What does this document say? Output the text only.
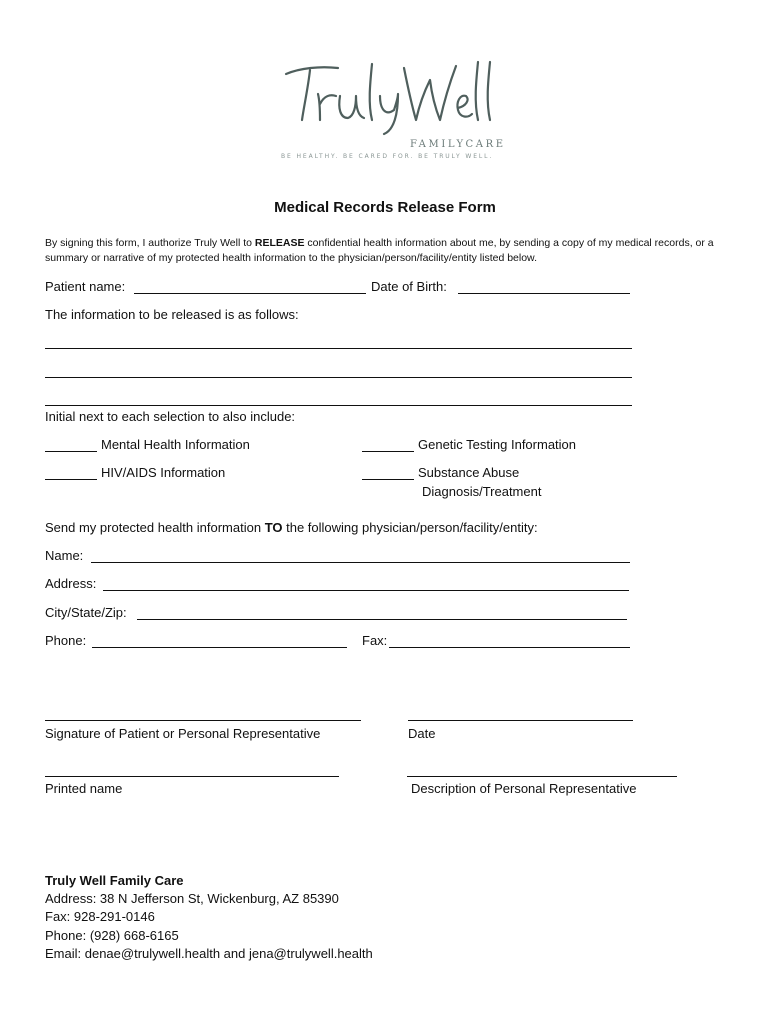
FAMILYCARE
BE HEALTHY. BE CARED FOR. BE TRULY WELL.
Medical Records Release Form
By signing this form, I authorize Truly Well to RELEASE confidential health information about me, by sending a copy of my medical records, or a summary or narrative of my protected health information to the physician/person/facility/entity listed below.
Patient name:	Date of Birth:
The information to be released is as follows:
Initial next to each selection to also include:
Mental Health Information	Genetic Testing Information
HIV/AIDS Information	Substance Abuse
Diagnosis/Treatment
Send my protected health information TO the following physician/person/facility/entity:
Name:
Address:
City/State/Zip:
Phone:	Fax:
Signature of Patient or Personal Representative	Date
Printed name	Description of Personal Representative
Truly Well Family Care
Address: 38 N Jefferson St, Wickenburg, AZ 85390
Fax: 928-291-0146
Phone: (928) 668-6165
Email: denae@trulywell.health and jena@trulywell.health
